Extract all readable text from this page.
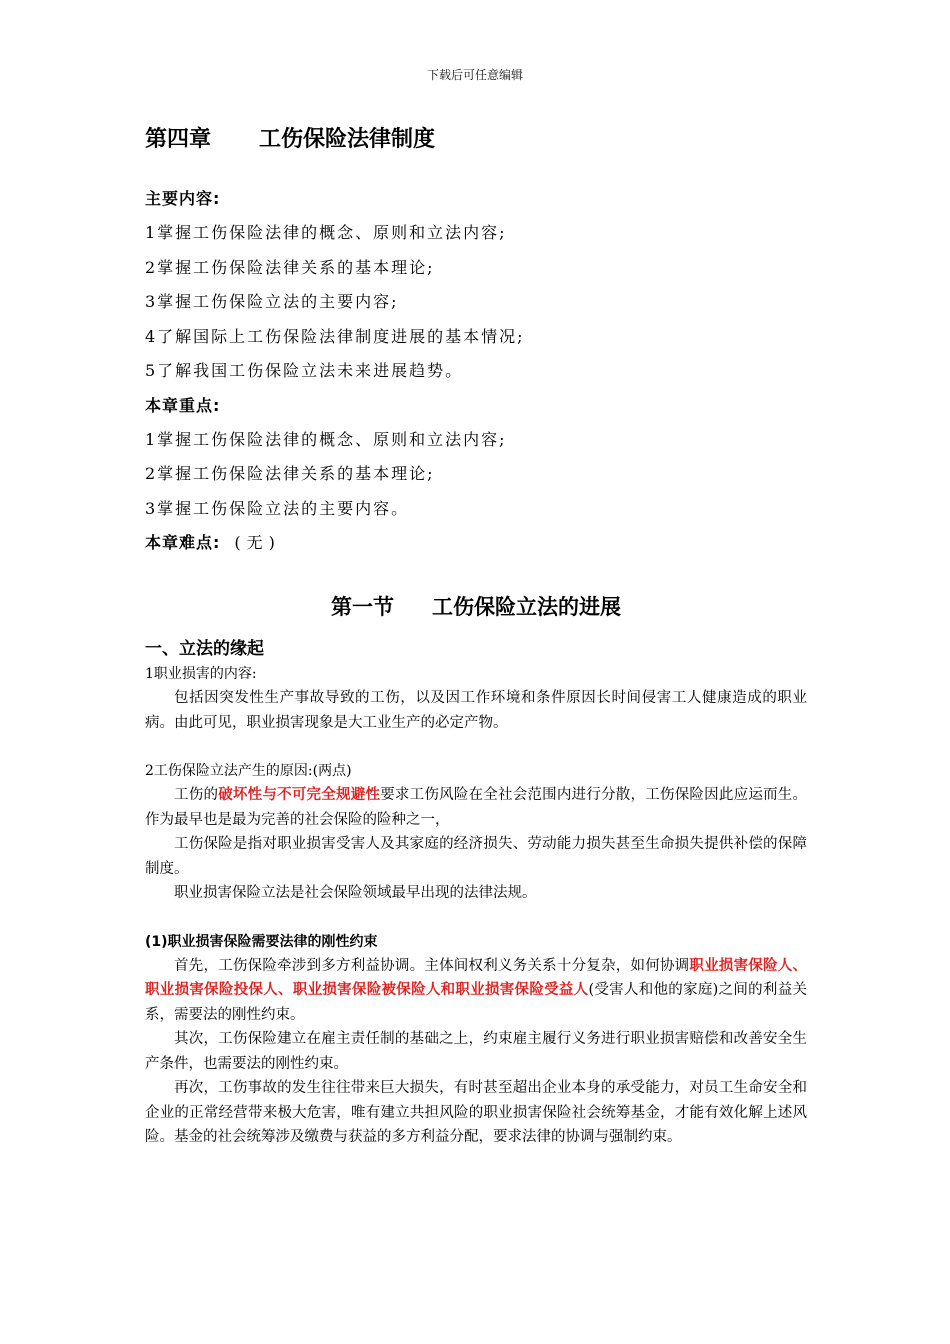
下载后可任意编辑
第四章 工伤保险法律制度
主要内容:
1掌握工伤保险法律的概念、原则和立法内容;
2掌握工伤保险法律关系的基本理论;
3掌握工伤保险立法的主要内容;
4了解国际上工伤保险法律制度进展的基本情况;
5了解我国工伤保险立法未来进展趋势。
本章重点:
1掌握工伤保险法律的概念、原则和立法内容;
2掌握工伤保险法律关系的基本理论;
3掌握工伤保险立法的主要内容。
本章难点: (无)
第一节 工伤保险立法的进展
一、立法的缘起
1职业损害的内容:

包括因突发性生产事故导致的工伤，以及因工作环境和条件原因长时间侵害工人健康造成的职业病。由此可见，职业损害现象是大工业生产的必定产物。

2工伤保险立法产生的原因:(两点)

工伤的破坏性与不可完全规避性要求工伤风险在全社会范围内进行分散，工伤保险因此应运而生。作为最早也是最为完善的社会保险的险种之一，

工伤保险是指对职业损害受害人及其家庭的经济损失、劳动能力损失甚至生命损失提供补偿的保障制度。

职业损害保险立法是社会保险领域最早出现的法律法规。

(1)职业损害保险需要法律的刚性约束

首先，工伤保险牵涉到多方利益协调。主体间权利义务关系十分复杂，如何协调职业损害保险人、职业损害保险投保人、职业损害保险被保险人和职业损害保险受益人(受害人和他的家庭)之间的利益关系，需要法的刚性约束。

其次，工伤保险建立在雇主责任制的基础之上，约束雇主履行义务进行职业损害赔偿和改善安全生产条件，也需要法的刚性约束。

再次，工伤事故的发生往往带来巨大损失，有时甚至超出企业本身的承受能力，对员工生命安全和企业的正常经营带来极大危害，唯有建立共担风险的职业损害保险社会统筹基金，才能有效化解上述风险。基金的社会统筹涉及缴费与获益的多方利益分配，要求法律的协调与强制约束。
